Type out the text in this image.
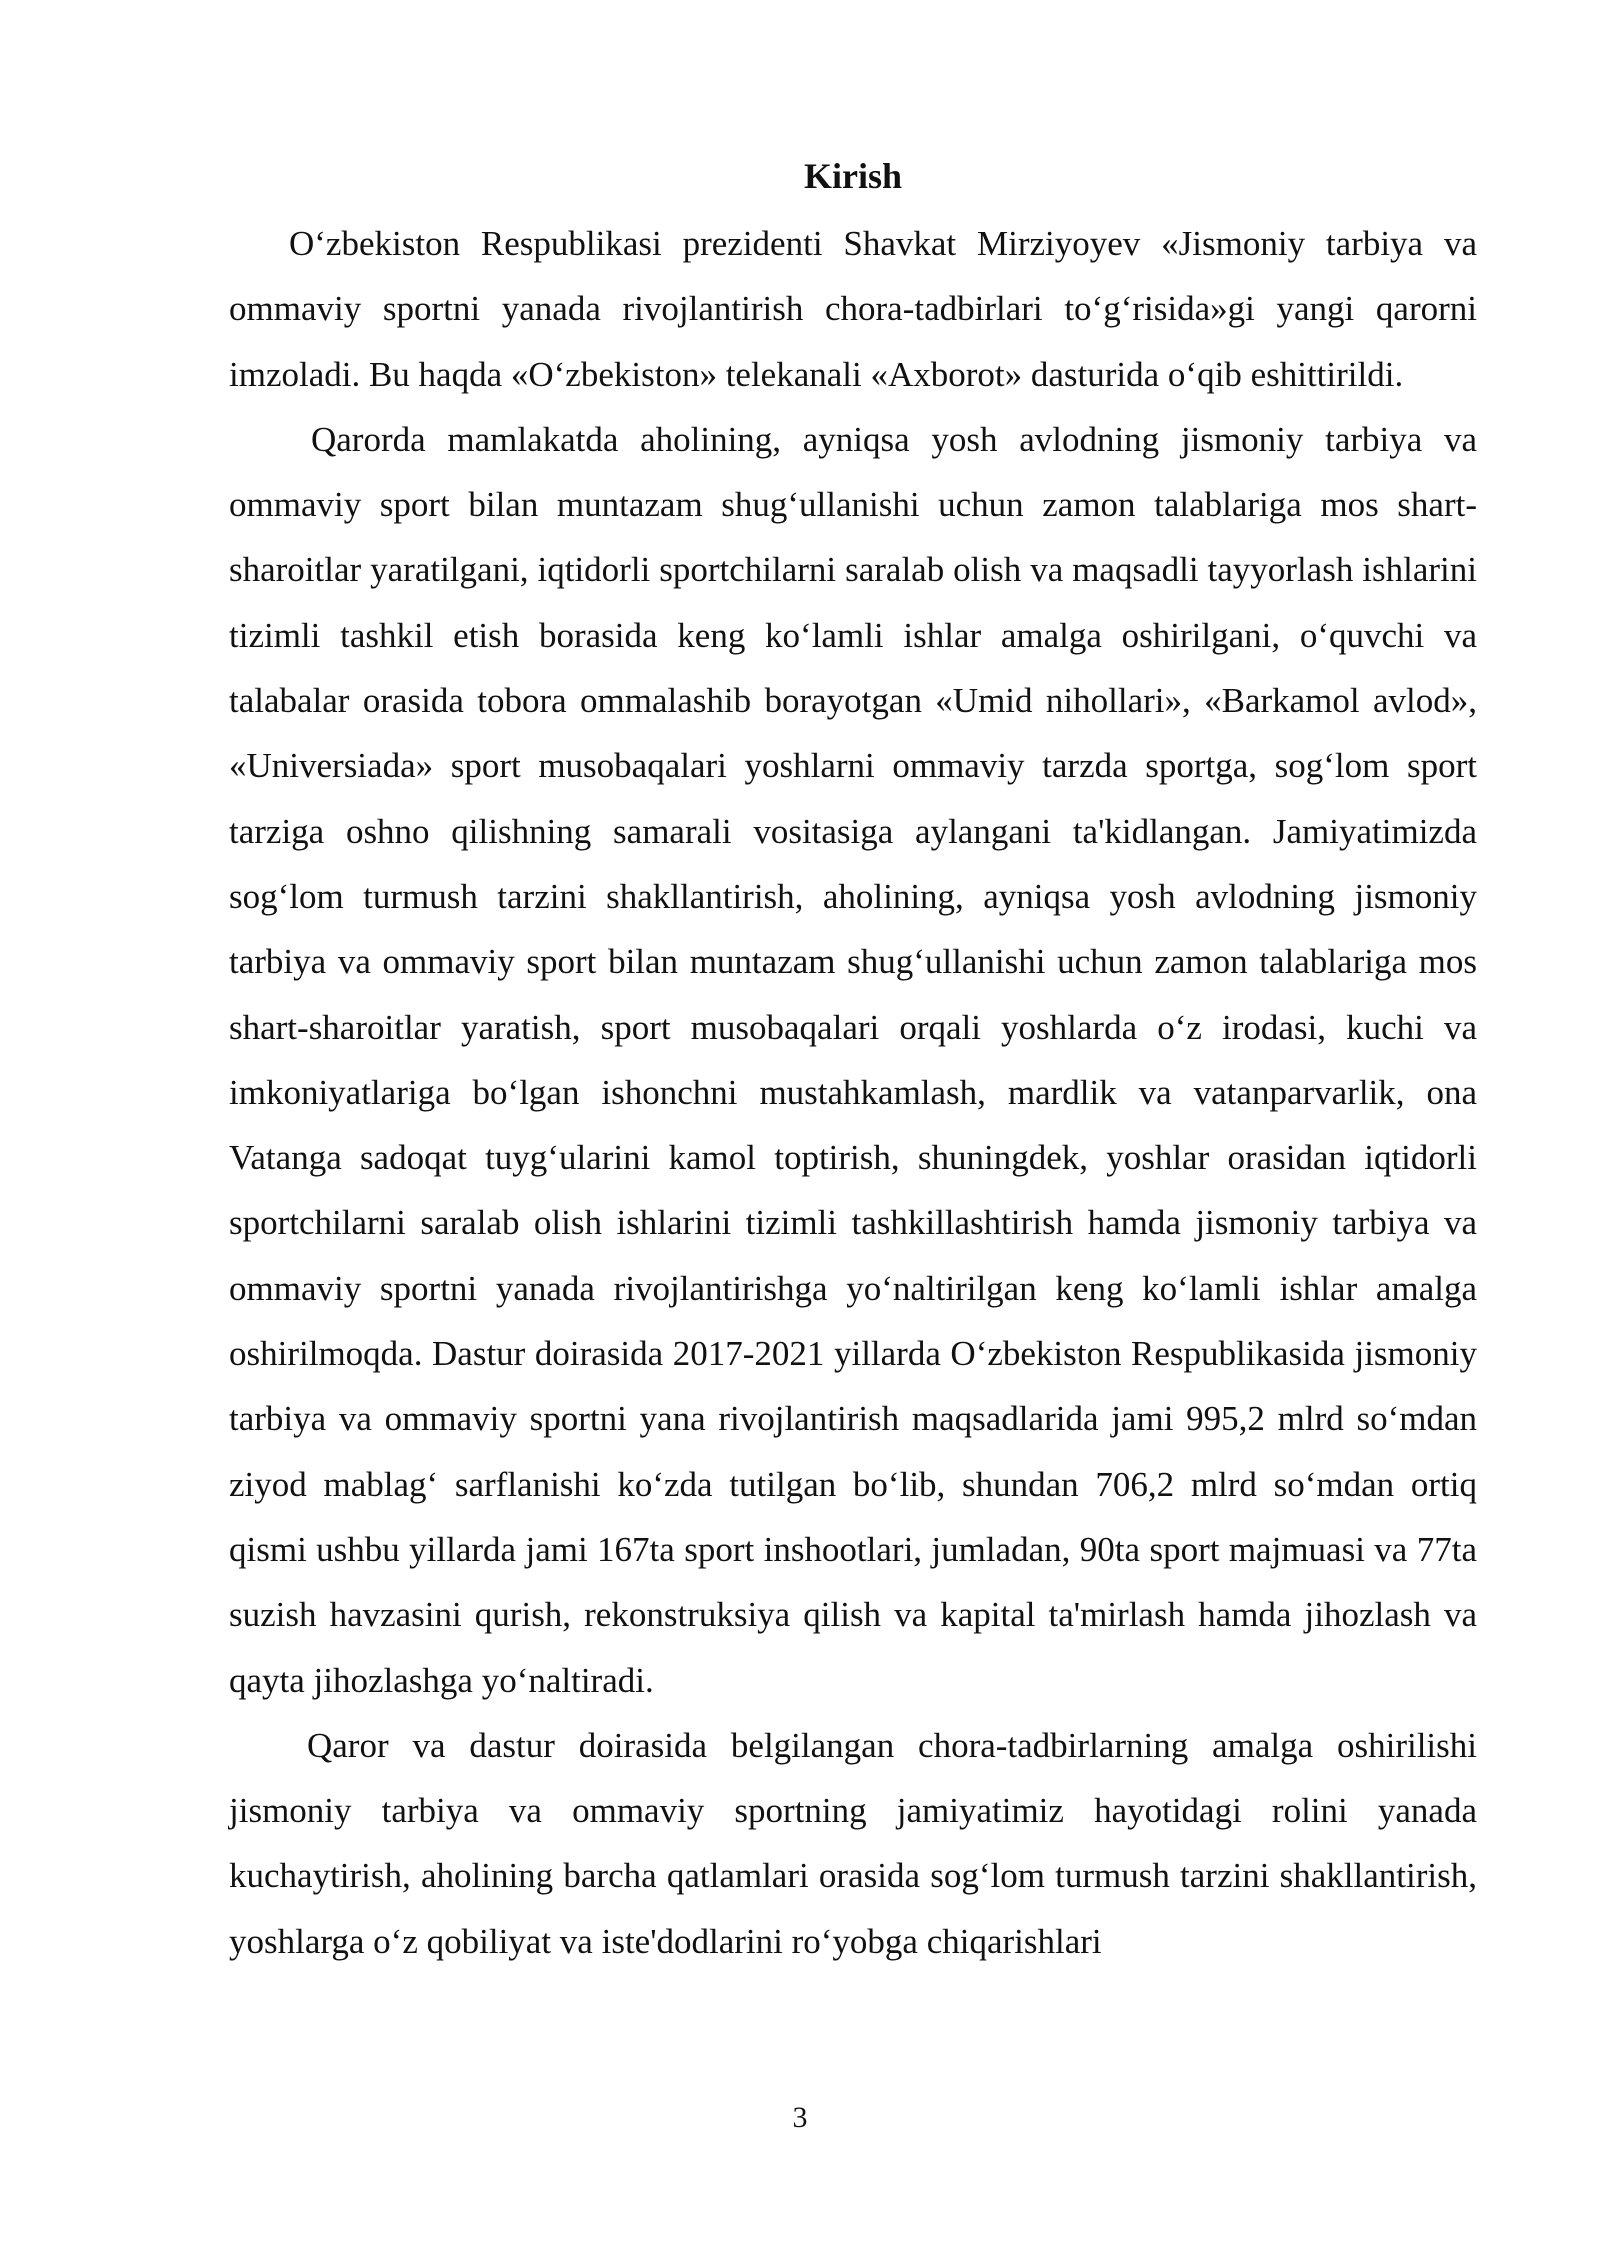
Kirish

O‘zbekiston Respublikasi prezidenti Shavkat Mirziyoyev «Jismoniy tarbiya va ommaviy sportni yanada rivojlantirish chora-tadbirlari to‘g‘risida»gi yangi qarorni imzoladi. Bu haqda «O‘zbekiston» telekanali «Axborot» dasturida o‘qib eshittirildi.

Qarorda mamlakatda aholining, ayniqsa yosh avlodning jismoniy tarbiya va ommaviy sport bilan muntazam shug‘ullanishi uchun zamon talablariga mos shart-sharoitlar yaratilgani, iqtidorli sportchilarni saralab olish va maqsadli tayyorlash ishlarini tizimli tashkil etish borasida keng ko‘lamli ishlar amalga oshirilgani, o‘quvchi va talabalar orasida tobora ommalashib borayotgan «Umid nihollari», «Barkamol avlod», «Universiada» sport musobaqalari yoshlarni ommaviy tarzda sportga, sog‘lom sport tarziga oshno qilishning samarali vositasiga aylangani ta'kidlangan. Jamiyatimizda sog‘lom turmush tarzini shakllantirish, aholining, ayniqsa yosh avlodning jismoniy tarbiya va ommaviy sport bilan muntazam shug‘ullanishi uchun zamon talablariga mos shart-sharoitlar yaratish, sport musobaqalari orqali yoshlarda o‘z irodasi, kuchi va imkoniyatlariga bo‘lgan ishonchni mustahkamlash, mardlik va vatanparvarlik, ona Vatanga sadoqat tuyg‘ularini kamol toptirish, shuningdek, yoshlar orasidan iqtidorli sportchilarni saralab olish ishlarini tizimli tashkillashtirish hamda jismoniy tarbiya va ommaviy sportni yanada rivojlantirishga yo‘naltirilgan keng ko‘lamli ishlar amalga oshirilmoqda. Dastur doirasida 2017-2021 yillarda O‘zbekiston Respublikasida jismoniy tarbiya va ommaviy sportni yana rivojlantirish maqsadlarida jami 995,2 mlrd so‘mdan ziyod mablag‘ sarflanishi ko‘zda tutilgan bo‘lib, shundan 706,2 mlrd so‘mdan ortiq qismi ushbu yillarda jami 167ta sport inshootlari, jumladan, 90ta sport majmuasi va 77ta suzish havzasini qurish, rekonstruksiya qilish va kapital ta'mirlash hamda jihozlash va qayta jihozlashga yo‘naltiradi.

Qaror va dastur doirasida belgilangan chora-tadbirlarning amalga oshirilishi jismoniy tarbiya va ommaviy sportning jamiyatimiz hayotidagi rolini yanada kuchaytirish, aholining barcha qatlamlari orasida sog‘lom turmush tarzini shakllantirish, yoshlarga o‘z qobiliyat va iste'dodlarini ro‘yobga chiqarishlari

3
